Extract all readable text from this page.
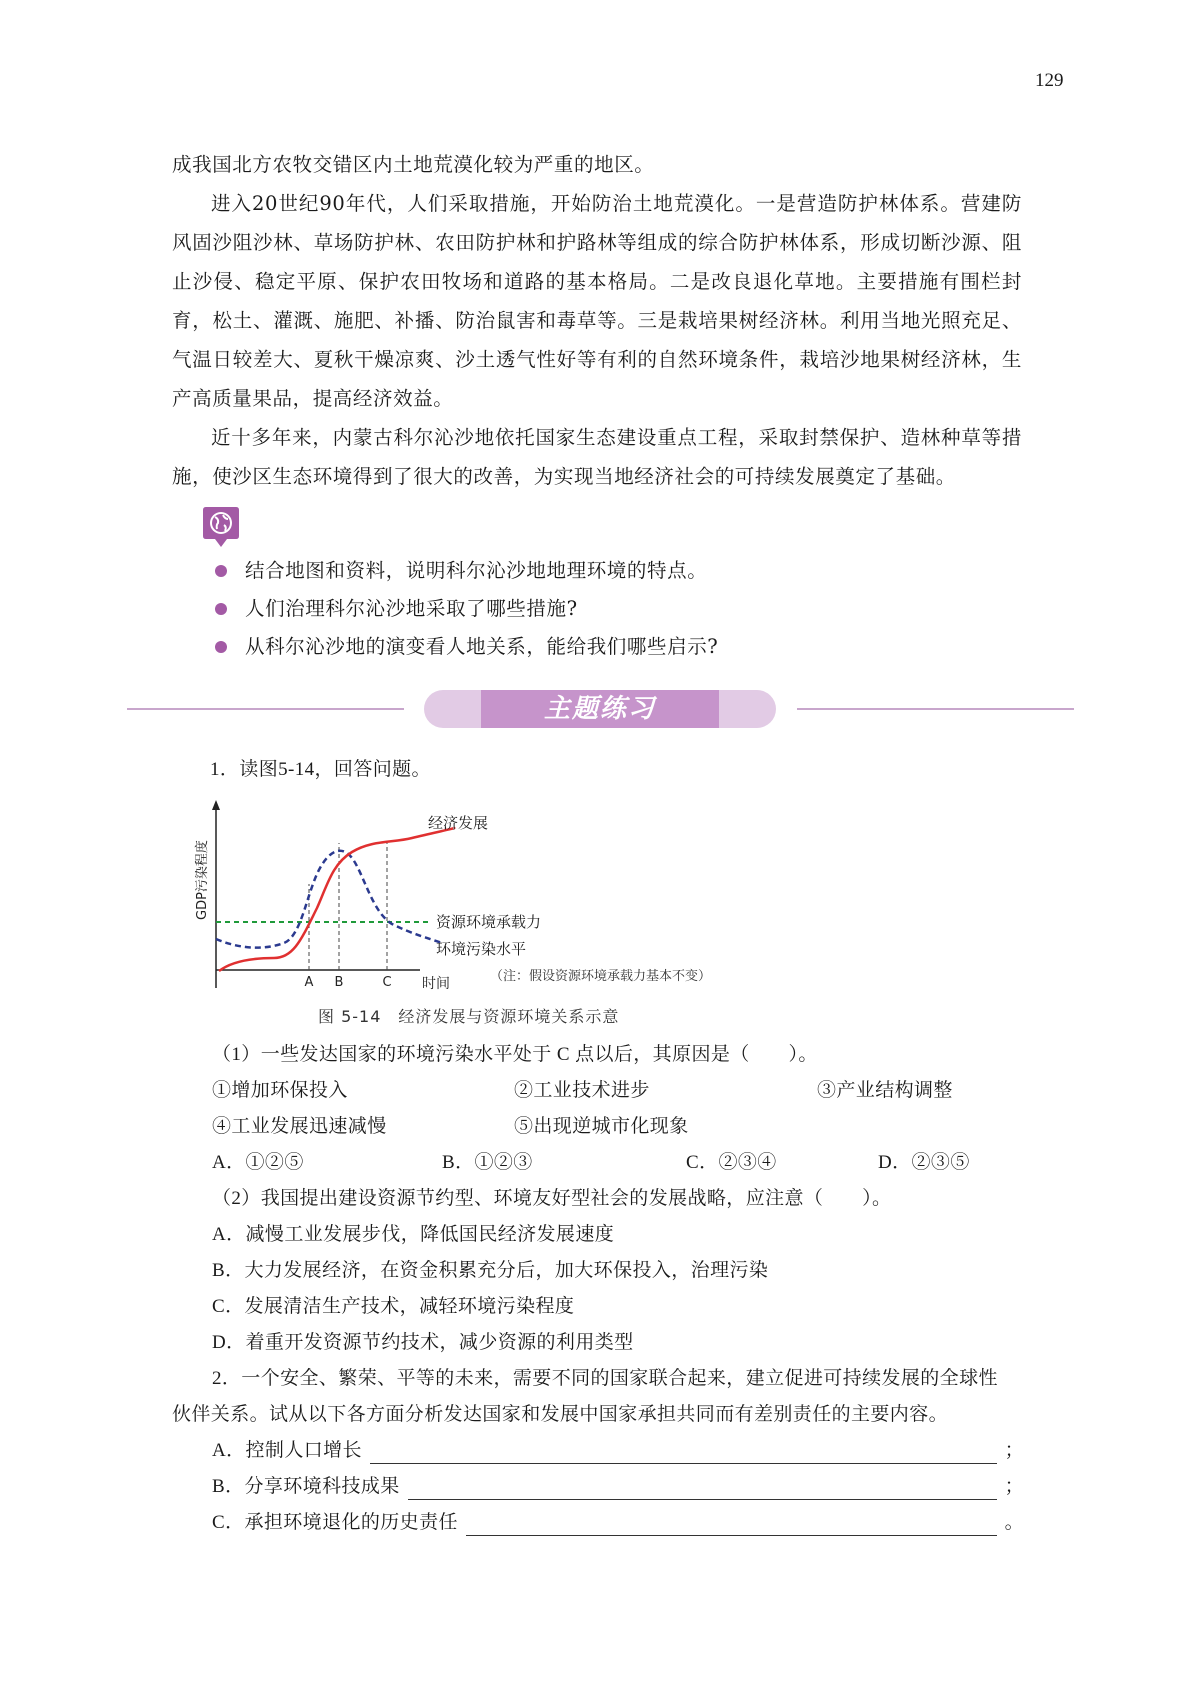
129

成我国北方农牧交错区内土地荒漠化较为严重的地区。

进入20世纪90年代，人们采取措施，开始防治土地荒漠化。一是营造防护林体系。营建防风固沙阻沙林、草场防护林、农田防护林和护路林等组成的综合防护林体系，形成切断沙源、阻止沙侵、稳定平原、保护农田牧场和道路的基本格局。二是改良退化草地。主要措施有围栏封育，松土、灌溉、施肥、补播、防治鼠害和毒草等。三是栽培果树经济林。利用当地光照充足、气温日较差大、夏秋干燥凉爽、沙土透气性好等有利的自然环境条件，栽培沙地果树经济林，生产高质量果品，提高经济效益。

近十多年来，内蒙古科尔沁沙地依托国家生态建设重点工程，采取封禁保护、造林种草等措施，使沙区生态环境得到了很大的改善，为实现当地经济社会的可持续发展奠定了基础。

结合地图和资料，说明科尔沁沙地地理环境的特点。
人们治理科尔沁沙地采取了哪些措施?
从科尔沁沙地的演变看人地关系，能给我们哪些启示?
主题练习
1．读图5-14，回答问题。
经济发展
资源环境承载力
环境污染水平
（注：假设资源环境承载力基本不变）
A B	C 时间
GDP污染程度
图 5-14　经济发展与资源环境关系示意
（1）一些发达国家的环境污染水平处于 C 点以后，其原因是（　　）。
①增加环保投入	②工业技术进步	③产业结构调整
④工业发展迅速减慢	⑤出现逆城市化现象
A．①②⑤	B．①②③	C．②③④	D．②③⑤
（2）我国提出建设资源节约型、环境友好型社会的发展战略，应注意（　　）。
A．减慢工业发展步伐，降低国民经济发展速度
B．大力发展经济，在资金积累充分后，加大环保投入，治理污染
C．发展清洁生产技术，减轻环境污染程度
D．着重开发资源节约技术，减少资源的利用类型
2．一个安全、繁荣、平等的未来，需要不同的国家联合起来，建立促进可持续发展的全球性
伙伴关系。试从以下各方面分析发达国家和发展中国家承担共同而有差别责任的主要内容。
A．控制人口增长	；
B．分享环境科技成果	；
C．承担环境退化的历史责任	。
